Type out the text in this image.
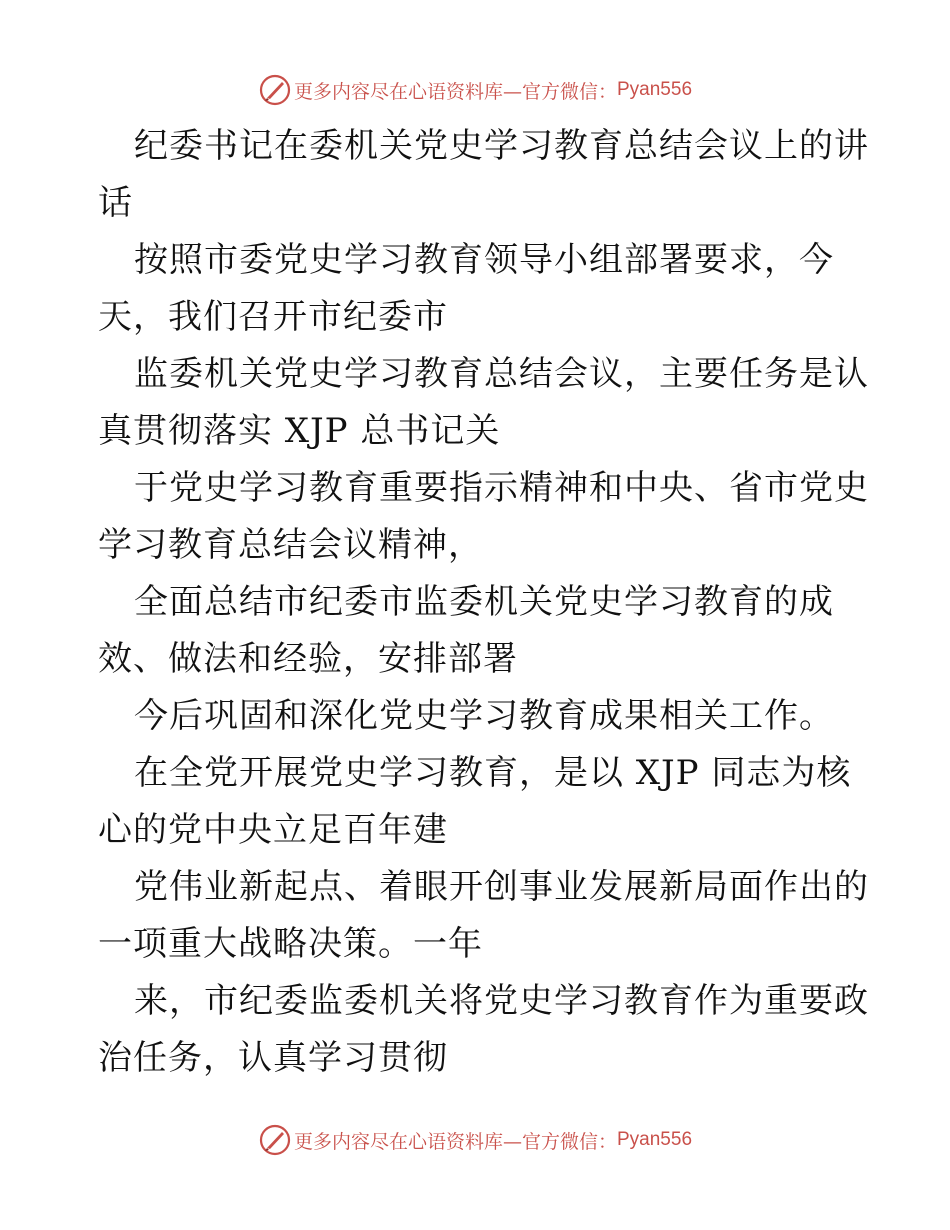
更多内容尽在心语资料库— 官方微信： Pyan556

纪委书记在委机关党史学习教育总结会议上的讲话

按照市委党史学习教育领导小组部署要求，今天，我们召开市纪委市

监委机关党史学习教育总结会议，主要任务是认真贯彻落实 XJP 总书记关

于党史学习教育重要指示精神和中央、省市党史学习教育总结会议精神，

全面总结市纪委市监委机关党史学习教育的成效、做法和经验，安排部署

今后巩固和深化党史学习教育成果相关工作。

在全党开展党史学习教育，是以 XJP 同志为核心的党中央立足百年建

党伟业新起点、着眼开创事业发展新局面作出的一项重大战略决策。一年

来，市纪委监委机关将党史学习教育作为重要政治任务，认真学习贯彻

更多内容尽在心语资料库— 官方微信： Pyan556
